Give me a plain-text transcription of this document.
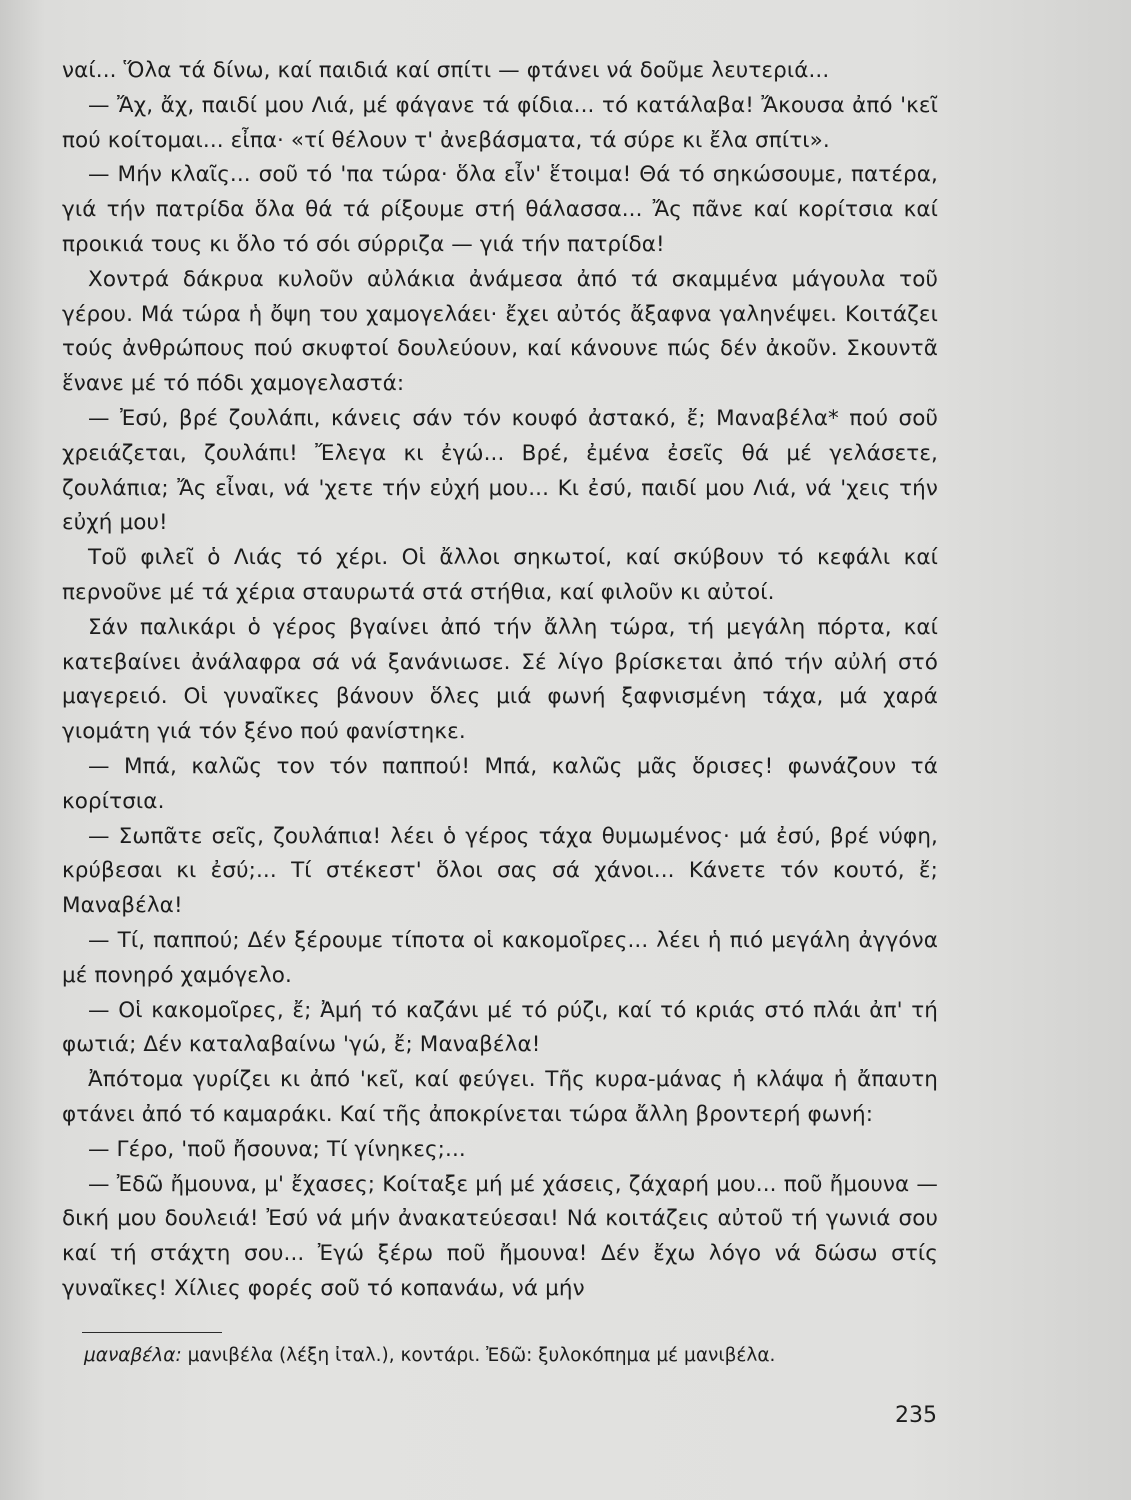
ναί... Ὅλα τά δίνω, καί παιδιά καί σπίτι — φτάνει νά δοῦμε λευτεριά...

— Ἄχ, ἄχ, παιδί μου Λιά, μέ φάγανε τά φίδια... τό κατάλαβα! Ἄκουσα ἀπό 'κεῖ πού κοίτομαι... εἶπα· «τί θέλουν τ' ἀνεβάσματα, τά σύρε κι ἔλα σπίτι».

— Μήν κλαῖς... σοῦ τό 'πα τώρα· ὅλα εἶν' ἕτοιμα! Θά τό σηκώσουμε, πατέρα, γιά τήν πατρίδα ὅλα θά τά ρίξουμε στή θάλασσα... Ἄς πᾶνε καί κορίτσια καί προικιά τους κι ὅλο τό σόι σύρριζα — γιά τήν πατρίδα!

Χοντρά δάκρυα κυλοῦν αὐλάκια ἀνάμεσα ἀπό τά σκαμμένα μάγουλα τοῦ γέρου. Μά τώρα ἡ ὄψη του χαμογελάει· ἔχει αὐτός ἄξαφνα γαληνέψει. Κοιτάζει τούς ἀνθρώπους πού σκυφτοί δουλεύουν, καί κάνουνε πώς δέν ἀκοῦν. Σκουντᾶ ἕνανε μέ τό πόδι χαμογελαστά:

— Ἐσύ, βρέ ζουλάπι, κάνεις σάν τόν κουφό ἀστακό, ἔ; Μαναβέλα* πού σοῦ χρειάζεται, ζουλάπι! Ἔλεγα κι ἐγώ... Βρέ, ἐμένα ἐσεῖς θά μέ γελάσετε, ζουλάπια; Ἄς εἶναι, νά 'χετε τήν εὐχή μου... Κι ἐσύ, παιδί μου Λιά, νά 'χεις τήν εὐχή μου!

Τοῦ φιλεῖ ὁ Λιάς τό χέρι. Οἱ ἄλλοι σηκωτοί, καί σκύβουν τό κεφάλι καί περνοῦνε μέ τά χέρια σταυρωτά στά στήθια, καί φιλοῦν κι αὐτοί.

Σάν παλικάρι ὁ γέρος βγαίνει ἀπό τήν ἄλλη τώρα, τή μεγάλη πόρτα, καί κατεβαίνει ἀνάλαφρα σά νά ξανάνιωσε. Σέ λίγο βρίσκεται ἀπό τήν αὐλή στό μαγερειό. Οἱ γυναῖκες βάνουν ὅλες μιά φωνή ξαφνισμένη τάχα, μά χαρά γιομάτη γιά τόν ξένο πού φανίστηκε.

— Μπά, καλῶς τον τόν παππού! Μπά, καλῶς μᾶς ὅρισες! φωνάζουν τά κορίτσια.

— Σωπᾶτε σεῖς, ζουλάπια! λέει ὁ γέρος τάχα θυμωμένος· μά ἐσύ, βρέ νύφη, κρύβεσαι κι ἐσύ;... Τί στέκεστ' ὅλοι σας σά χάνοι... Κάνετε τόν κουτό, ἔ; Μαναβέλα!

— Τί, παππού; Δέν ξέρουμε τίποτα οἱ κακομοῖρες... λέει ἡ πιό μεγάλη ἀγγόνα μέ πονηρό χαμόγελο.

— Οἱ κακομοῖρες, ἔ; Ἀμή τό καζάνι μέ τό ρύζι, καί τό κριάς στό πλάι ἀπ' τή φωτιά; Δέν καταλαβαίνω 'γώ, ἔ; Μαναβέλα!

Ἀπότομα γυρίζει κι ἀπό 'κεῖ, καί φεύγει. Τῆς κυρα-μάνας ἡ κλάψα ἡ ἄπαυτη φτάνει ἀπό τό καμαράκι. Καί τῆς ἀποκρίνεται τώρα ἄλλη βροντερή φωνή:

— Γέρο, 'ποῦ ἤσουνα; Τί γίνηκες;...

— Ἐδῶ ἤμουνα, μ' ἔχασες; Κοίταξε μή μέ χάσεις, ζάχαρή μου... ποῦ ἤμουνα — δική μου δουλειά! Ἐσύ νά μήν ἀνακατεύεσαι! Νά κοιτάζεις αὐτοῦ τή γωνιά σου καί τή στάχτη σου... Ἐγώ ξέρω ποῦ ἤμουνα! Δέν ἔχω λόγο νά δώσω στίς γυναῖκες! Χίλιες φορές σοῦ τό κοπανάω, νά μήν

μαναβέλα: μανιβέλα (λέξη ἰταλ.), κοντάρι. Ἐδῶ: ξυλοκόπημα μέ μανιβέλα.
235
